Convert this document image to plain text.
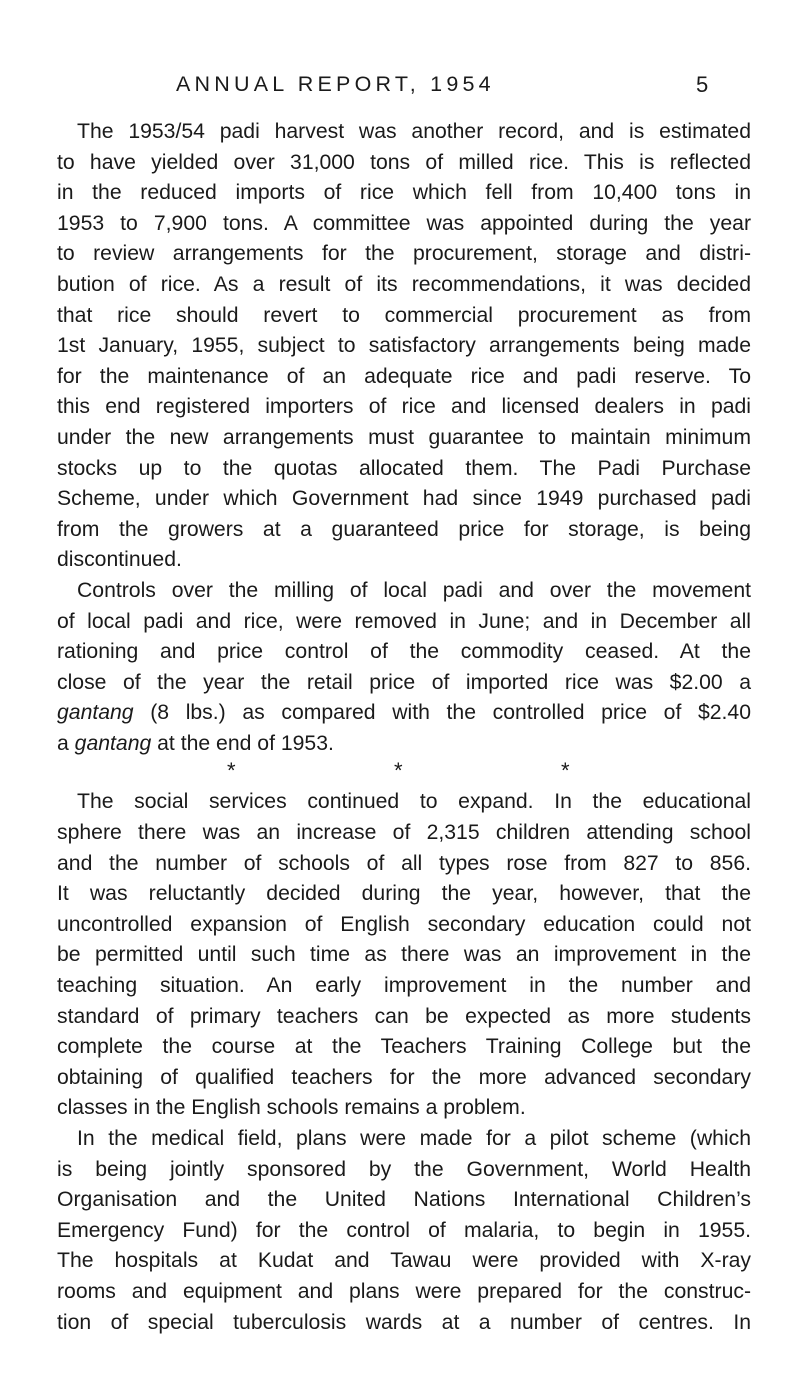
ANNUAL REPORT, 1954	5
The 1953/54 padi harvest was another record, and is estimated
to have yielded over 31,000 tons of milled rice. This is reflected
in the reduced imports of rice which fell from 10,400 tons in
1953 to 7,900 tons. A committee was appointed during the year
to review arrangements for the procurement, storage and distri-
bution of rice. As a result of its recommendations, it was decided
that rice should revert to commercial procurement as from
1st January, 1955, subject to satisfactory arrangements being made
for the maintenance of an adequate rice and padi reserve. To
this end registered importers of rice and licensed dealers in padi
under the new arrangements must guarantee to maintain minimum
stocks up to the quotas allocated them. The Padi Purchase
Scheme, under which Government had since 1949 purchased padi
from the growers at a guaranteed price for storage, is being
discontinued.
Controls over the milling of local padi and over the movement
of local padi and rice, were removed in June; and in December all
rationing and price control of the commodity ceased. At the
close of the year the retail price of imported rice was $2.00 a
gantang (8 lbs.) as compared with the controlled price of $2.40
a gantang at the end of 1953.
*	*	*
The social services continued to expand. In the educational
sphere there was an increase of 2,315 children attending school
and the number of schools of all types rose from 827 to 856.
It was reluctantly decided during the year, however, that the
uncontrolled expansion of English secondary education could not
be permitted until such time as there was an improvement in the
teaching situation. An early improvement in the number and
standard of primary teachers can be expected as more students
complete the course at the Teachers Training College but the
obtaining of qualified teachers for the more advanced secondary
classes in the English schools remains a problem.
In the medical field, plans were made for a pilot scheme (which
is being jointly sponsored by the Government, World Health
Organisation and the United Nations International Children’s
Emergency Fund) for the control of malaria, to begin in 1955.
The hospitals at Kudat and Tawau were provided with X-ray
rooms and equipment and plans were prepared for the construc-
tion of special tuberculosis wards at a number of centres. In
